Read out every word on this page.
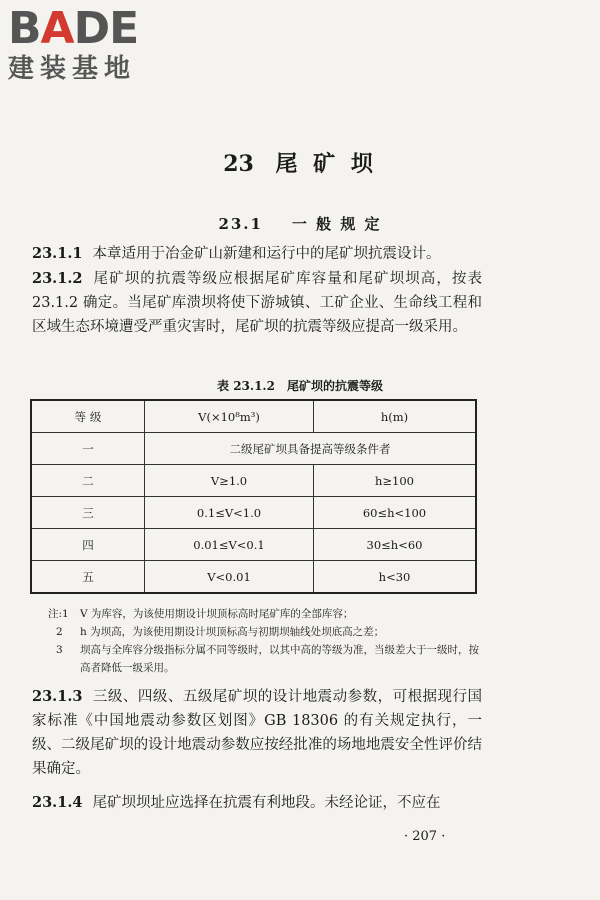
BADE
建装基地
23 尾 矿 坝
23.1 一 般 规 定
23.1.1 本章适用于冶金矿山新建和运行中的尾矿坝抗震设计。
23.1.2 尾矿坝的抗震等级应根据尾矿库容量和尾矿坝坝高，按表 23.1.2 确定。当尾矿库溃坝将使下游城镇、工矿企业、生命线工程和区域生态环境遭受严重灾害时，尾矿坝的抗震等级应提高一级采用。
表 23.1.2 尾矿坝的抗震等级
等 级	V(×10⁸m³)	h(m)
一	二级尾矿坝具备提高等级条件者	
二	V≥1.0	h≥100
三	0.1≤V<1.0	60≤h<100
四	0.01≤V<0.1	30≤h<60
五	V<0.01	h<30
注:1 V 为库容，为该使用期设计坝顶标高时尾矿库的全部库容；
2 h 为坝高，为该使用期设计坝顶标高与初期坝轴线处坝底高之差；
3 坝高与全库容分级指标分属不同等级时，以其中高的等级为准，当级差大于一级时，按高者降低一级采用。
23.1.3 三级、四级、五级尾矿坝的设计地震动参数，可根据现行国家标准《中国地震动参数区划图》GB 18306 的有关规定执行，一级、二级尾矿坝的设计地震动参数应按经批准的场地地震安全性评价结果确定。
23.1.4 尾矿坝坝址应选择在抗震有利地段。未经论证，不应在
· 207 ·
